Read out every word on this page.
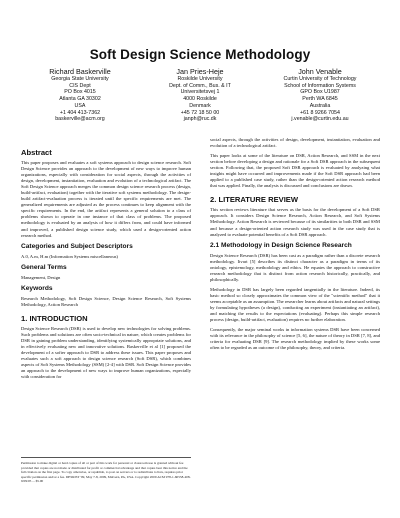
Soft Design Science Methodology
Richard Baskerville
Georgia State University
CIS Dept
PO Box 4015
Atlanta GA 30302
USA
+1 404 413-7362
baskerville@acm.org
Jan Pries-Heje
Roskilde University
Dept. of Comm., Bus. & IT
Universitetsvej 1
4000 Roskilde
Denmark
+45 72 18 50 00
janph@ruc.dk
John Venable
Curtin University of Technology
School of Information Systems
GPO Box U1987
Perth WA 6845
Australia
+61 8 9266 7054
j.venable@curtin.edu.au
Abstract

This paper proposes and evaluates a soft systems approach to design science research. Soft Design Science provides an approach to the development of new ways to improve human organizations, especially with consideration for social aspects, through the activities of design, development, instantiation, evaluation and evolution of a technological artifact. The Soft Design Science approach merges the common design science research process (design, build-artifact, evaluation) together with the iterative soft systems methodology. The design-build artifact-evaluation process is iterated until the specific requirements are met. The generalized requirements are adjusted as the process continues to keep alignment with the specific requirements. In the end, the artifact represents a general solution to a class of problems shown to operate in one instance of that class of problems. The proposed methodology is evaluated by an analysis of how it differs from, and could have informed and improved, a published design science study, which used a design-oriented action research method.

Categories and Subject Descriptors

A.0, A.m, H.m (Information Systems miscellaneous)

General Terms

Management, Design

Keywords

Research Methodology, Soft Design Science, Design Science Research, Soft Systems Methodology, Action Research

1. INTRODUCTION

Design Science Research (DSR) is used to develop new technologies for solving problems. Such problems and solutions are often socio-technical in nature, which creates problems for DSR in gaining problem understanding, identifying systemically appropriate solutions, and in effectively evaluating new and innovative solutions. Baskerville et al [1] proposed the development of a softer approach to DSR to address these issues. This paper proposes and evaluates such a soft approach to design science research (Soft DSR), which combines aspects of Soft Systems Methodology (SSM) [2-4] with DSR. Soft Design Science provides an approach to the development of new ways to improve human organizations, especially with consideration for

Permission to make digital or hard copies of all or part of this work for personal or classroom use is granted without fee provided that copies are not made or distributed for profit or commercial advantage and that copies bear this notice and the full citation on the first page. To copy otherwise, or republish, to post on servers or to redistribute to lists, requires prior specific permission and/or a fee. DESRIST '09, May 7-8, 2009, Malvern, PA, USA. Copyright 2009 ACM 978-1-60558-408-9/09/05 ... $5.00

social aspects, through the activities of design, development, instantiation, evaluation and evolution of a technological artifact.

This paper looks at some of the literature on DSR, Action Research, and SSM in the next section before developing a design and rationale for a Soft DSR approach in the subsequent section. Following that, the proposed Soft DSR approach is evaluated by analyzing what insights might have occurred and improvements made if the Soft DSR approach had been applied to a published case study, rather than the design-oriented action research method that was applied. Finally, the analysis is discussed and conclusions are drawn.

2. LITERATURE REVIEW

This section reviews literature that serves as the basis for the development of a Soft DSR approach. It considers Design Science Research, Action Research, and Soft Systems Methodology. Action Research is reviewed because of its similarities to both DSR and SSM and because a design-oriented action research study was used in the case study that is analyzed to evaluate potential benefits of a Soft DSR approach.

2.1 Methodology in Design Science Research

Design Science Research (DSR) has been cast as a paradigm rather than a discrete research methodology. Iivari [5] describes its distinct character as a paradigm in terms of its ontology, epistemology, methodology and ethics. He equates the approach to constructive research methodology that is distinct from action research historically, practically, and philosophically.

Methodology in DSR has largely been regarded tangentially in the literature. Indeed, its basic method so closely approximates the common view of the "scientific method" that it seems acceptable as an assumption. The researcher learns about artifacts and natural settings by formulating hypotheses (a design), conducting an experiment (instantiating an artifact), and matching the results to the expectations (evaluating). Perhaps this simple research process (design, build-artifact, evaluation) requires no further elaboration.

Consequently, the major seminal works in information systems DSR have been concerned with its relevance in the philosophy of science [5, 6], the nature of theory in DSR [7, 8], and criteria for evaluating DSR [9]. The research methodology implied by these works some often to be regarded as an outcome of the philosophy, theory, and criteria.
